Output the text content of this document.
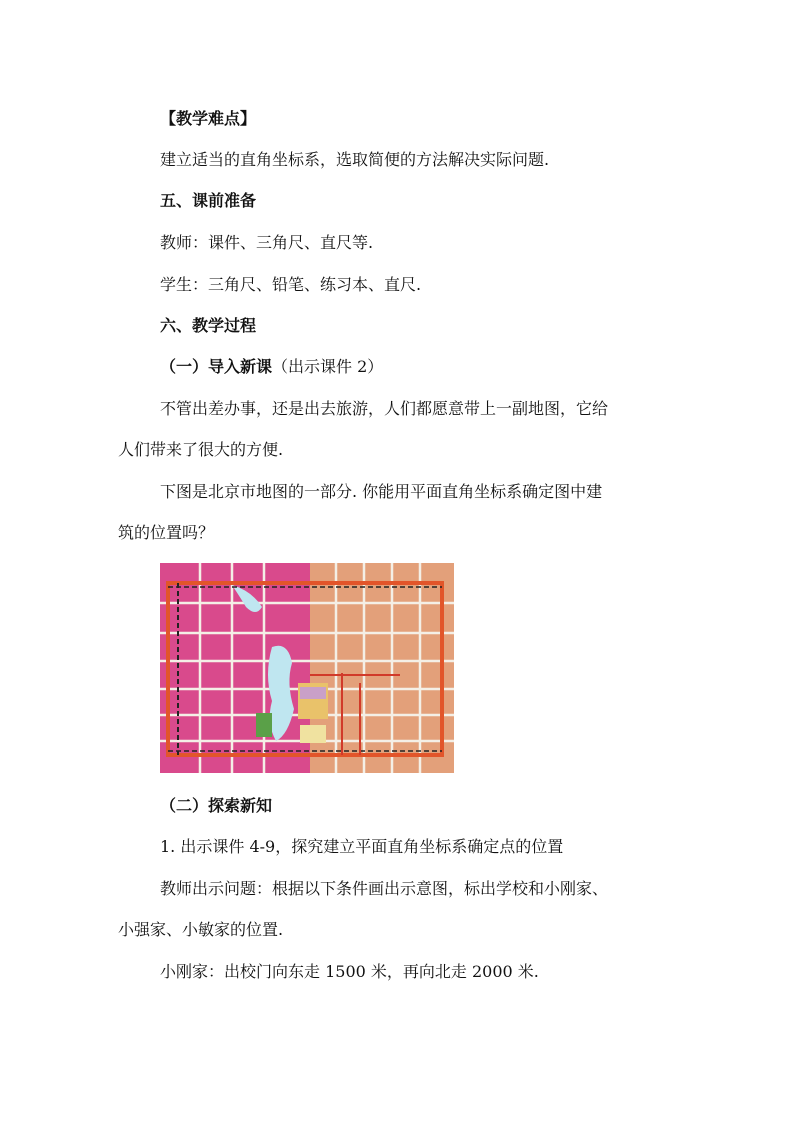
【教学难点】
建立适当的直角坐标系，选取简便的方法解决实际问题.
五、课前准备
教师：课件、三角尺、直尺等.
学生：三角尺、铅笔、练习本、直尺.
六、教学过程
（一）导入新课（出示课件 2）
不管出差办事，还是出去旅游，人们都愿意带上一副地图，它给
人们带来了很大的方便.
下图是北京市地图的一部分. 你能用平面直角坐标系确定图中建
筑的位置吗？
（二）探索新知
1. 出示课件 4-9，探究建立平面直角坐标系确定点的位置
教师出示问题：根据以下条件画出示意图，标出学校和小刚家、
小强家、小敏家的位置.
小刚家：出校门向东走 1500 米，再向北走 2000 米.
